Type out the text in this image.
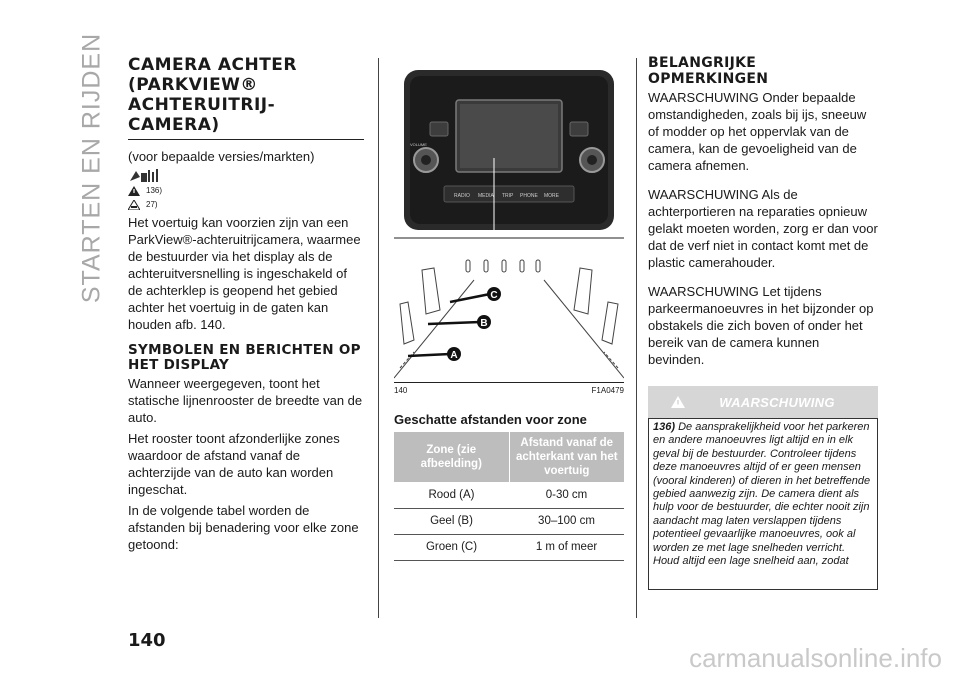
STARTEN EN RIJDEN CAMERA ACHTER (PARKVIEW® ACHTERUITRIJ-CAMERA)

(voor bepaalde versies/markten)

136)
27)

Het voertuig kan voorzien zijn van een ParkView®-achteruitrijcamera, waarmee de bestuurder via het display als de achteruitversnelling is ingeschakeld of de achterklep is geopend het gebied achter het voertuig in de gaten kan houden afb. 140.

SYMBOLEN EN BERICHTEN OP HET DISPLAY

Wanneer weergegeven, toont het statische lijnenrooster de breedte van de auto.

Het rooster toont afzonderlijke zones waardoor de afstand vanaf de achterzijde van de auto kan worden ingeschat.

In de volgende tabel worden de afstanden bij benadering voor elke zone getoond:

RADIO MEDIA TRIP PHONE MORE
VOLUME
C
B
A
140	F1A0479
Geschatte afstanden voor zone
Zone (zie afbeelding)	Afstand vanaf de achterkant van het voertuig
Rood (A)	0-30 cm
Geel (B)	30–100 cm
Groen (C)	1 m of meer
BELANGRIJKE OPMERKINGEN

WAARSCHUWING Onder bepaalde omstandigheden, zoals bij ijs, sneeuw of modder op het oppervlak van de camera, kan de gevoeligheid van de camera afnemen.

WAARSCHUWING Als de achterportieren na reparaties opnieuw gelakt moeten worden, zorg er dan voor dat de verf niet in contact komt met de plastic camerahouder.

WAARSCHUWING Let tijdens parkeermanoeuvres in het bijzonder op obstakels die zich boven of onder het bereik van de camera kunnen bevinden.

WAARSCHUWING
136) De aansprakelijkheid voor het parkeren en andere manoeuvres ligt altijd en in elk geval bij de bestuurder. Controleer tijdens deze manoeuvres altijd of er geen mensen (vooral kinderen) of dieren in het betreffende gebied aanwezig zijn. De camera dient als hulp voor de bestuurder, die echter nooit zijn aandacht mag laten verslappen tijdens potentieel gevaarlijke manoeuvres, ook al worden ze met lage snelheden verricht. Houd altijd een lage snelheid aan, zodat
140
carmanualsonline.info
